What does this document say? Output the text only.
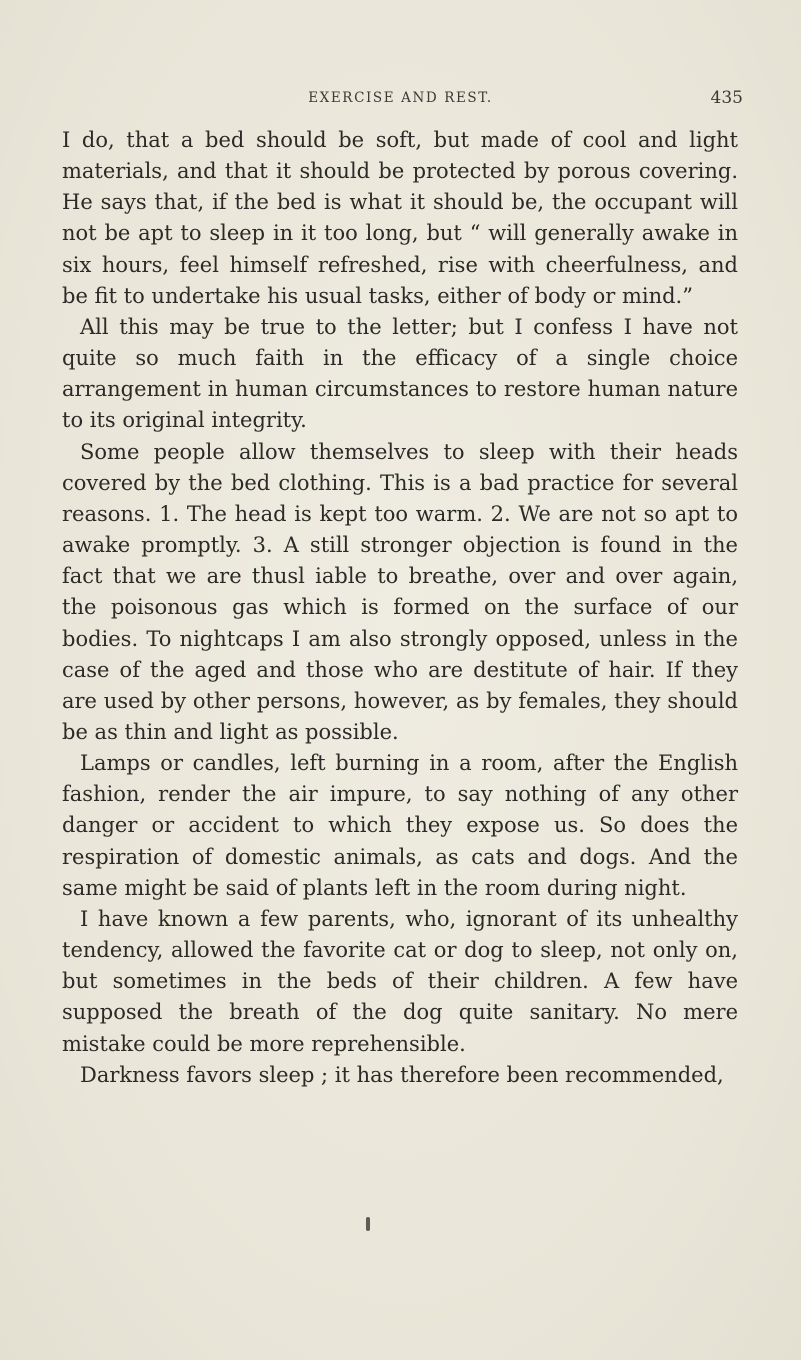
EXERCISE AND REST.	435

I do, that a bed should be soft, but made of cool and light materials, and that it should be protected by porous covering. He says that, if the bed is what it should be, the occupant will not be apt to sleep in it too long, but “ will generally awake in six hours, feel himself refreshed, rise with cheerfulness, and be fit to undertake his usual tasks, either of body or mind.”

All this may be true to the letter; but I confess I have not quite so much faith in the efficacy of a single choice arrangement in human circumstances to restore human nature to its original integrity.

Some people allow themselves to sleep with their heads covered by the bed clothing. This is a bad practice for several reasons. 1. The head is kept too warm. 2. We are not so apt to awake promptly. 3. A still stronger objection is found in the fact that we are thusl iable to breathe, over and over again, the poisonous gas which is formed on the surface of our bodies. To nightcaps I am also strongly opposed, unless in the case of the aged and those who are destitute of hair. If they are used by other persons, however, as by females, they should be as thin and light as possible.

Lamps or candles, left burning in a room, after the English fashion, render the air impure, to say nothing of any other danger or accident to which they expose us. So does the respiration of domestic animals, as cats and dogs. And the same might be said of plants left in the room during night.

I have known a few parents, who, ignorant of its unhealthy tendency, allowed the favorite cat or dog to sleep, not only on, but sometimes in the beds of their children. A few have supposed the breath of the dog quite sanitary. No mere mistake could be more reprehensible.

Darkness favors sleep ; it has therefore been recommended,
